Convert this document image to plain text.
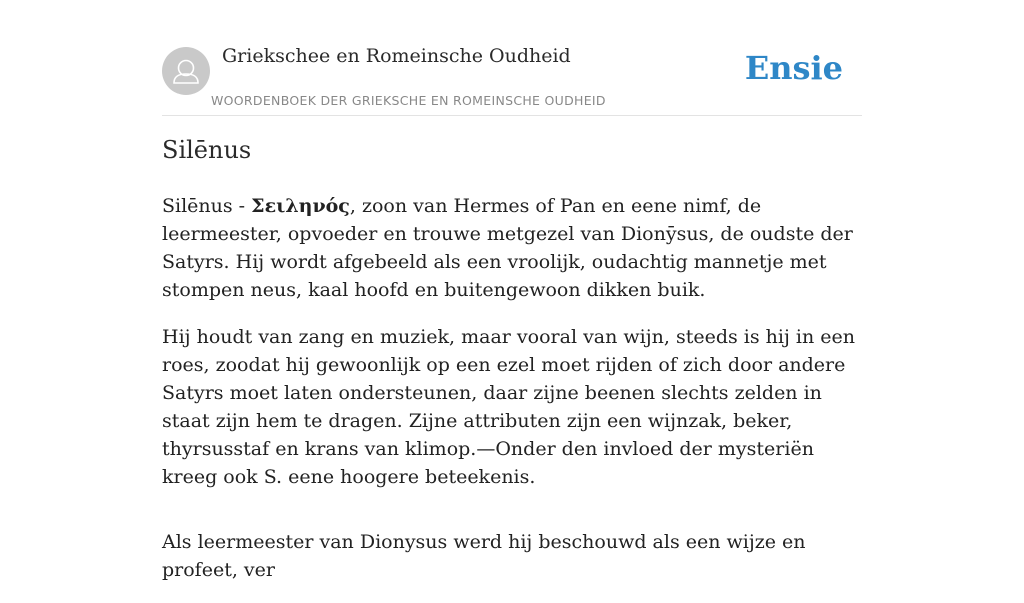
Griekschee en Romeinsche Oudheid
WOORDENBOEK DER GRIEKSCHE EN ROMEINSCHE OUDHEID
Ensie
Silēnus

Silēnus - Σειληνός, zoon van Hermes of Pan en eene nimf, de leermeester, opvoeder en trouwe metgezel van Dionȳsus, de oudste der Satyrs. Hij wordt afgebeeld als een vroolijk, oudachtig mannetje met stompen neus, kaal hoofd en buitengewoon dikken buik.

Hij houdt van zang en muziek, maar vooral van wijn, steeds is hij in een roes, zoodat hij gewoonlijk op een ezel moet rijden of zich door andere Satyrs moet laten ondersteunen, daar zijne beenen slechts zelden in staat zijn hem te dragen. Zijne attributen zijn een wijnzak, beker, thyrsusstaf en krans van klimop.—Onder den invloed der mysteriën kreeg ook S. eene hoogere beteekenis.

Als leermeester van Dionysus werd hij beschouwd als een wijze en profeet, ver
